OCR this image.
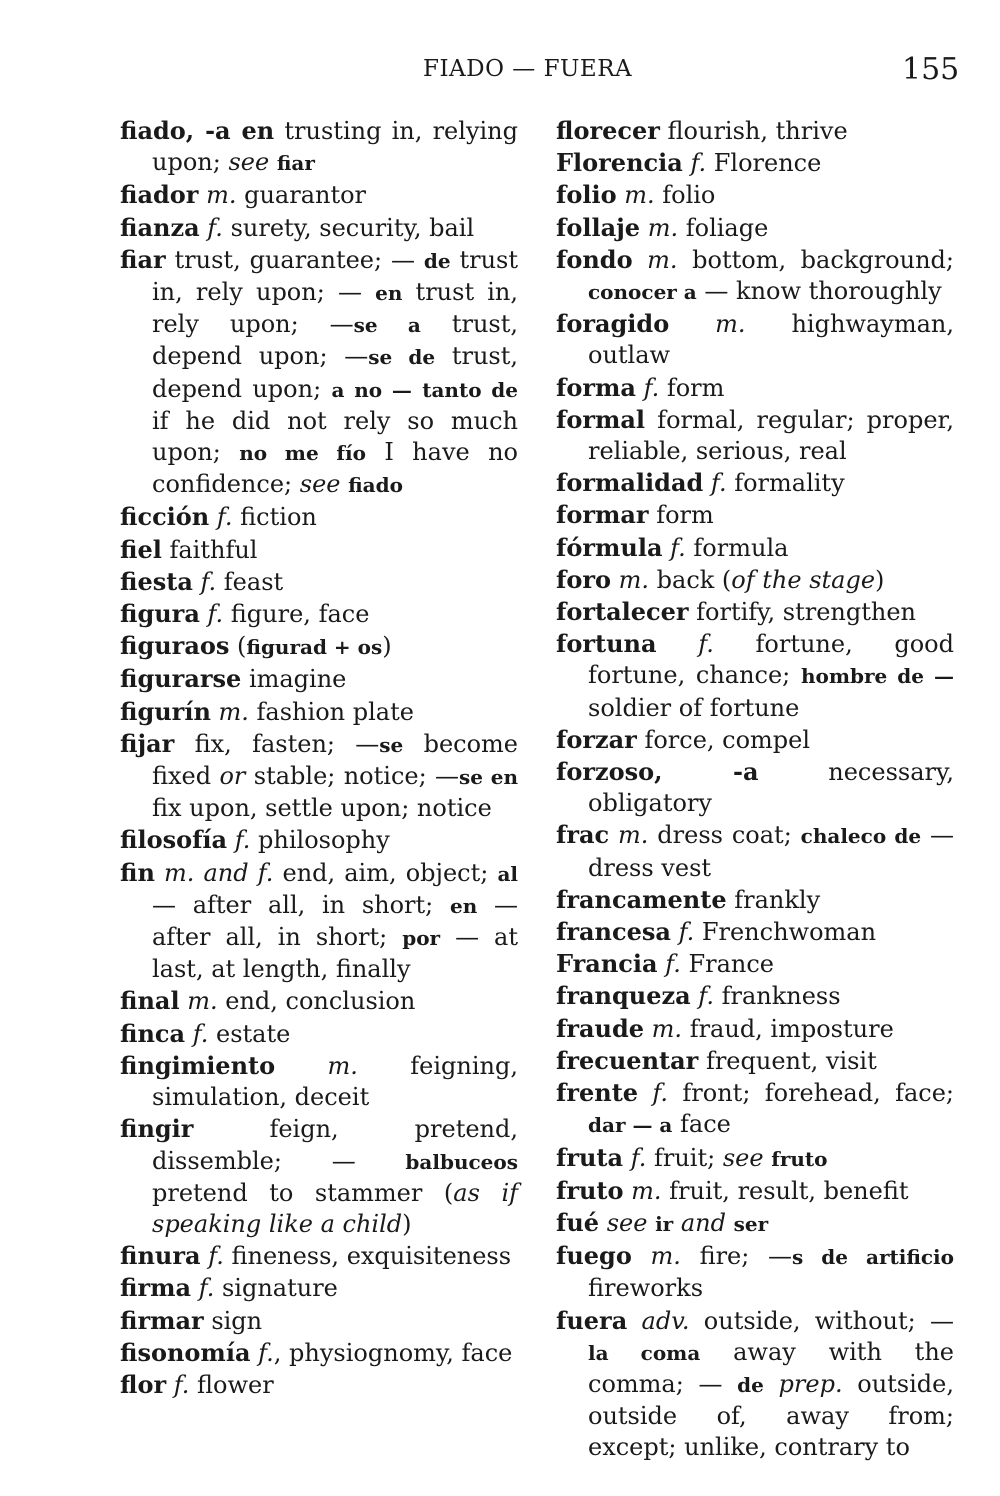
FIADO — FUERA	155
fiado, -a en trusting in, relying upon; see fiar
fiador m. guarantor
fianza f. surety, security, bail
fiar trust, guarantee; — de trust in, rely upon; — en trust in, rely upon; —se a trust, depend upon; —se de trust, depend upon; a no — tanto de if he did not rely so much upon; no me fío I have no confidence; see fiado
ficción f. fiction
fiel faithful
fiesta f. feast
figura f. figure, face
figuraos (figurad + os)
figurarse imagine
figurín m. fashion plate
fijar fix, fasten; —se become fixed or stable; notice; —se en fix upon, settle upon; notice
filosofía f. philosophy
fin m. and f. end, aim, object; al — after all, in short; en — after all, in short; por — at last, at length, finally
final m. end, conclusion
finca f. estate
fingimiento m. feigning, simulation, deceit
fingir feign, pretend, dissemble; — balbuceos pretend to stammer (as if speaking like a child)
finura f. fineness, exquisiteness
firma f. signature
firmar sign
fisonomía f., physiognomy, face
flor f. flower
florecer flourish, thrive
Florencia f. Florence
folio m. folio
follaje m. foliage
fondo m. bottom, background; conocer a — know thoroughly
foragido m. highwayman, outlaw
forma f. form
formal formal, regular; proper, reliable, serious, real
formalidad f. formality
formar form
fórmula f. formula
foro m. back (of the stage)
fortalecer fortify, strengthen
fortuna f. fortune, good fortune, chance; hombre de — soldier of fortune
forzar force, compel
forzoso, -a necessary, obligatory
frac m. dress coat; chaleco de — dress vest
francamente frankly
francesa f. Frenchwoman
Francia f. France
franqueza f. frankness
fraude m. fraud, imposture
frecuentar frequent, visit
frente f. front; forehead, face; dar — a face
fruta f. fruit; see fruto
fruto m. fruit, result, benefit
fué see ir and ser
fuego m. fire; —s de artificio fireworks
fuera adv. outside, without; — la coma away with the comma; — de prep. outside, outside of, away from; except; unlike, contrary to
